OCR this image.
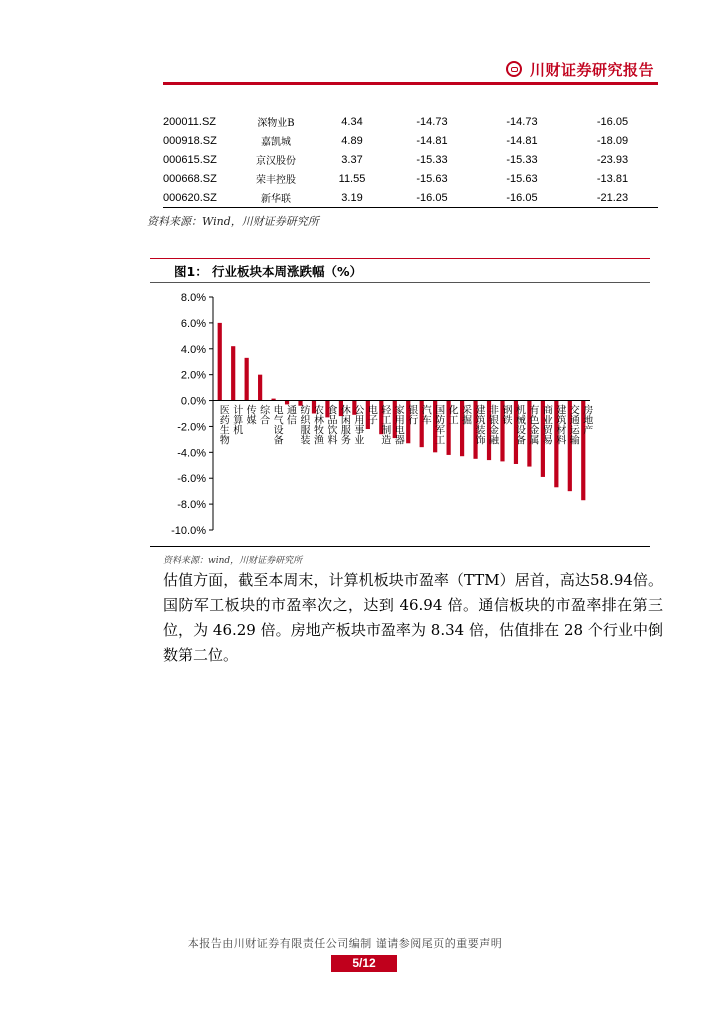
川财证券研究报告
200011.SZ	深物业B	4.34	-14.73	-14.73	-16.05
000918.SZ	嘉凯城	4.89	-14.81	-14.81	-18.09
000615.SZ	京汉股份	3.37	-15.33	-15.33	-23.93
000668.SZ	荣丰控股	11.55	-15.63	-15.63	-13.81
000620.SZ	新华联	3.19	-16.05	-16.05	-21.23
资料来源：Wind，川财证券研究所
图1： 行业板块本周涨跌幅（%）
8.0%
6.0%
4.0%
2.0%
0.0%
-2.0%
-4.0%
-6.0%
-8.0%
-10.0%
医药生物 计算机 传媒 综合 电气设备 通信 纺织服装 农林牧渔 食品饮料 休闲服务 公用事业 电子 轻工制造 家用电器 银行 汽车 国防军工 化工 采掘 建筑装饰 非银金融 钢铁 机械设备 有色金属 商业贸易 建筑材料 交通运输 房地产
资料来源：wind，川财证券研究所
估值方面，截至本周末，计算机板块市盈率（TTM）居首，高达58.94倍。国防军工板块的市盈率次之，达到 46.94 倍。通信板块的市盈率排在第三位，为 46.29 倍。房地产板块市盈率为 8.34 倍，估值排在 28 个行业中倒数第二位。
本报告由川财证券有限责任公司编制 谨请参阅尾页的重要声明
5/12
